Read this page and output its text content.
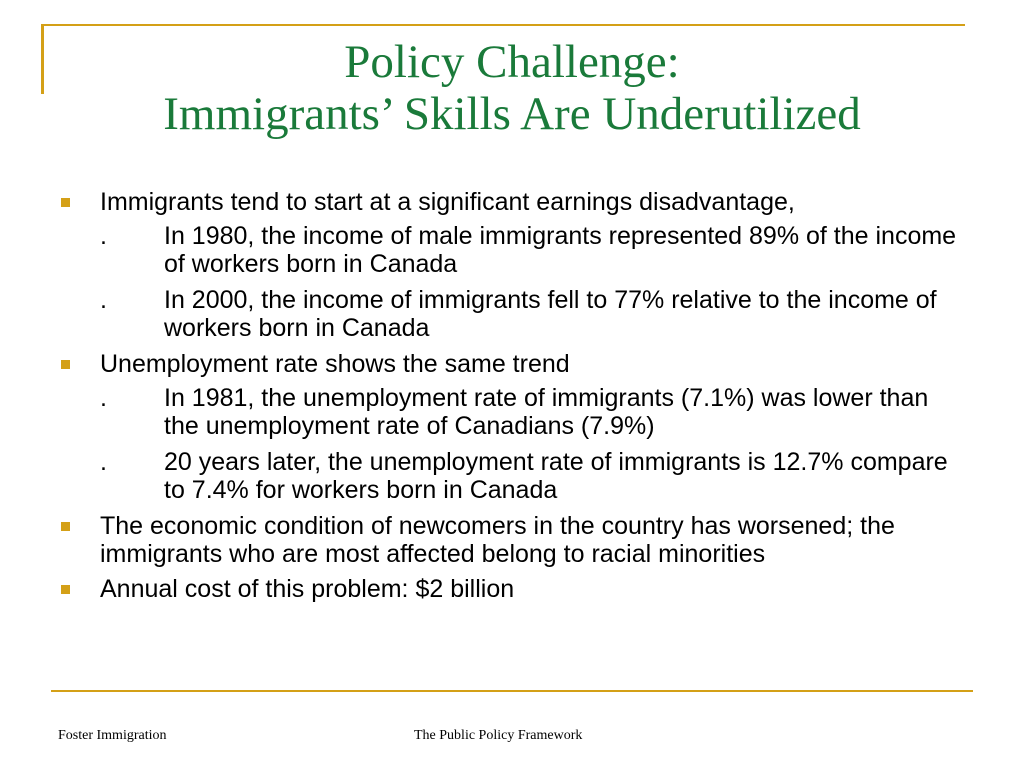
Policy Challenge:
Immigrants’ Skills Are Underutilized
Immigrants tend to start at a significant earnings disadvantage,
. In 1980, the income of male immigrants represented 89% of the income of workers born in Canada
. In 2000, the income of immigrants fell to 77% relative to the income of workers born in Canada
Unemployment rate shows the same trend
. In 1981, the unemployment rate of immigrants (7.1%) was lower than the unemployment rate of Canadians (7.9%)
. 20 years later, the unemployment rate of immigrants is 12.7% compare to 7.4% for workers born in Canada
The economic condition of newcomers in the country has worsened; the immigrants who are most affected belong to racial minorities
Annual cost of this problem: $2 billion
Foster Immigration	The Public Policy Framework
